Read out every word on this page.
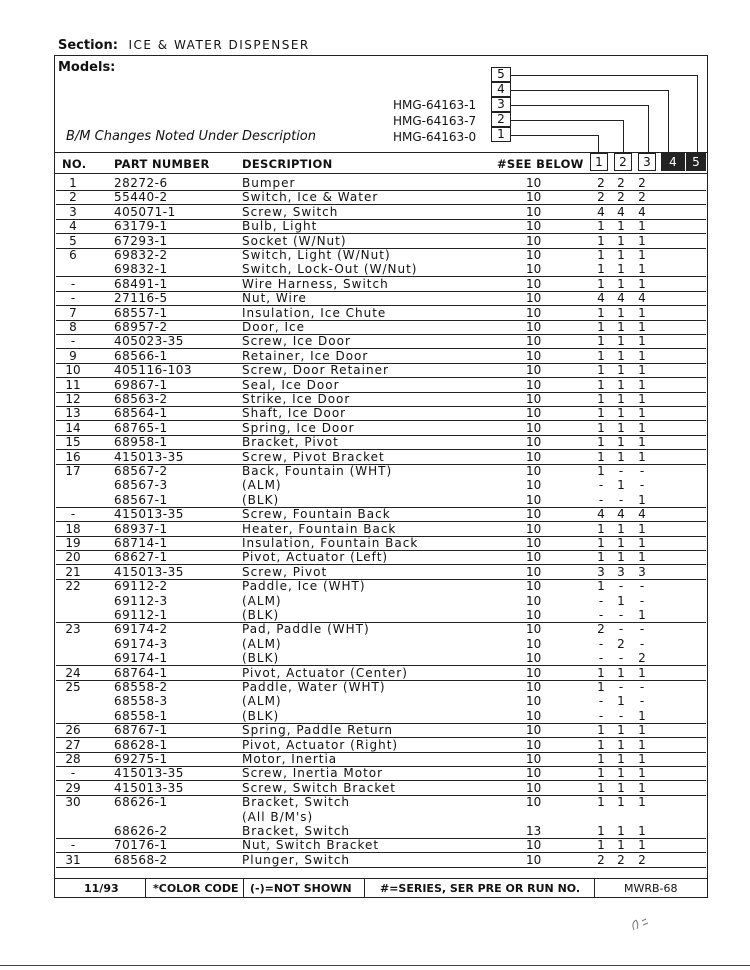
Section: ICE & WATER DISPENSER
Models:
B/M Changes Noted Under Description
HMG-64163-1
HMG-64163-7
HMG-64163-0
5
4
3
2
1
NO. PART NUMBER	DESCRIPTION	#SEE BELOW 1	2	3	4	5
1	28272-6	Bumper	10	2 2 2
2	55440-2	Switch, Ice & Water	10	2 2 2
3	405071-1	Screw, Switch	10	4 4 4
4	63179-1	Bulb, Light	10	1 1 1
5	67293-1	Socket (W/Nut)	10	1 1 1
6	69832-2	Switch, Light (W/Nut)	10	1 1 1
69832-1	Switch, Lock-Out (W/Nut)	10	1 1 1
-	68491-1	Wire Harness, Switch	10	1 1 1
-	27116-5	Nut, Wire	10	4 4 4
7	68557-1	Insulation, Ice Chute	10	1 1 1
8	68957-2	Door, Ice	10	1 1 1
-	405023-35	Screw, Ice Door	10	1 1 1
9	68566-1	Retainer, Ice Door	10	1 1 1
10	405116-103	Screw, Door Retainer	10	1 1 1
11	69867-1	Seal, Ice Door	10	1 1 1
12	68563-2	Strike, Ice Door	10	1 1 1
13	68564-1	Shaft, Ice Door	10	1 1 1
14	68765-1	Spring, Ice Door	10	1 1 1
15	68958-1	Bracket, Pivot	10	1 1 1
16	415013-35	Screw, Pivot Bracket	10	1 1 1
17	68567-2	Back, Fountain (WHT)	10	1	-	-
68567-3	(ALM)	10	-	1	-
68567-1	(BLK)	10	-	-	1
-	415013-35	Screw, Fountain Back	10	4 4 4
18	68937-1	Heater, Fountain Back	10	1 1 1
19	68714-1	Insulation, Fountain Back	10	1 1 1
20	68627-1	Pivot, Actuator (Left)	10	1 1 1
21	415013-35	Screw, Pivot	10	3 3 3
22	69112-2	Paddle, Ice (WHT)	10	1	-	-
69112-3	(ALM)	10	-	1	-
69112-1	(BLK)	10	-	-	1
23	69174-2	Pad, Paddle (WHT)	10	2	-	-
69174-3	(ALM)	10	-	2	-
69174-1	(BLK)	10	-	-	2
24	68764-1	Pivot, Actuator (Center)	10	1 1 1
25	68558-2	Paddle, Water (WHT)	10	1	-	-
68558-3	(ALM)	10	-	1	-
68558-1	(BLK)	10	-	-	1
26	68767-1	Spring, Paddle Return	10	1 1 1
27	68628-1	Pivot, Actuator (Right)	10	1 1 1
28	69275-1	Motor, Inertia	10	1 1 1
-	415013-35	Screw, Inertia Motor	10	1 1 1
29	415013-35	Screw, Switch Bracket	10	1 1 1
30	68626-1	Bracket, Switch	10	1 1 1
(All B/M's)
68626-2	Bracket, Switch	13	1 1 1
-	70176-1	Nut, Switch Bracket	10	1 1 1
31	68568-2	Plunger, Switch	10	2 2 2
11/93	*COLOR CODE (-)=NOT SHOWN	#=SERIES, SER PRE OR RUN NO.	MWRB-68
